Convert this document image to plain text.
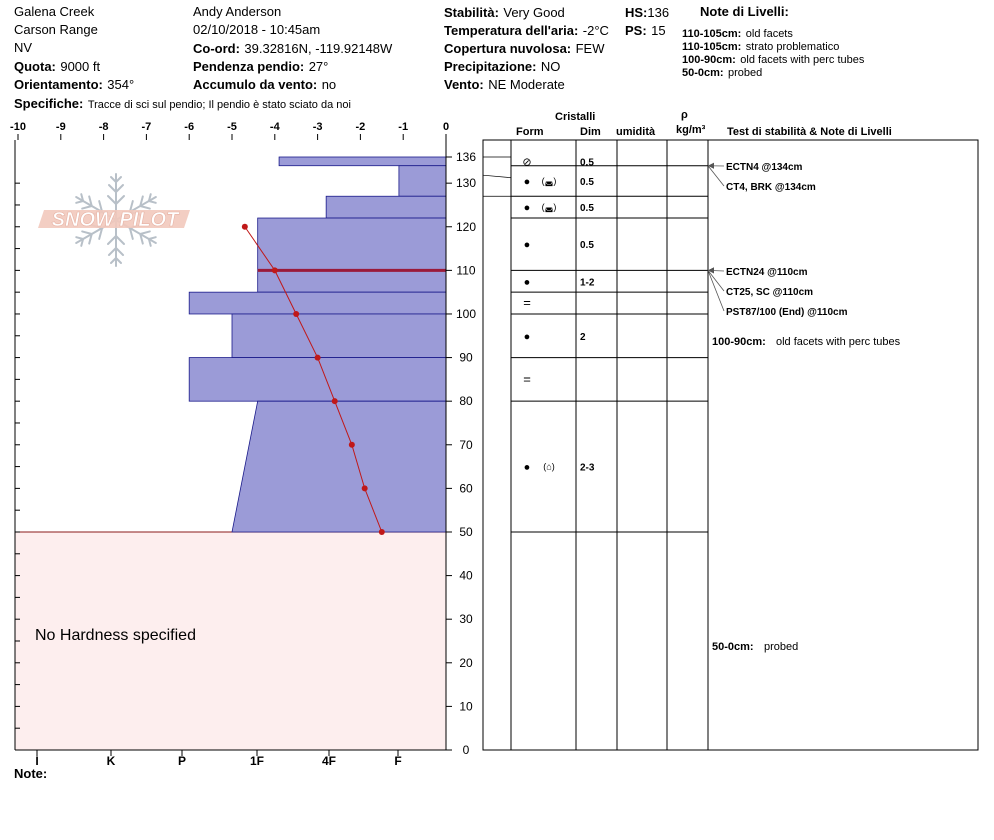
Galena Creek
Carson Range
NV
Quota: 9000 ft
Orientamento: 354°
Specifiche: Tracce di sci sul pendio; Il pendio è stato sciato da noi
Andy Anderson
02/10/2018 - 10:45am
Co-ord: 39.32816N, -119.92148W
Pendenza pendio: 27°
Accumulo da vento: no
Stabilità: Very Good
Temperatura dell'aria: -2°C
Copertura nuvolosa: FEW
Precipitazione: NO
Vento: NE Moderate
HS:136
PS: 15
Note di Livelli:
110-105cm: old facets
110-105cm: strato problematico
100-90cm: old facets with perc tubes
50-0cm: probed
Cristalli
Form	Dim umidità
ρ
kg/m³ Test di stabilità & Note di Livelli
-10	-9	-8	-7	-6	-5	-4	-3	-2	-1	0
0
10
20
30
40
50
60
70
80
90
100
110
120
130
136
I	K	P	1F	4F	F
⊘	0.5
● (◛) 0.5
● (◛) 0.5
●	0.5
●	1-2
=
●	2
=
● (⌂)	2-3
ECTN4 @134cm
CT4, BRK @134cm
ECTN24 @110cm
CT25, SC @110cm
PST87/100 (End) @110cm
100-90cm: old facets with perc tubes
50-0cm: probed
SNOW PILOT
No Hardness specified
Note:
